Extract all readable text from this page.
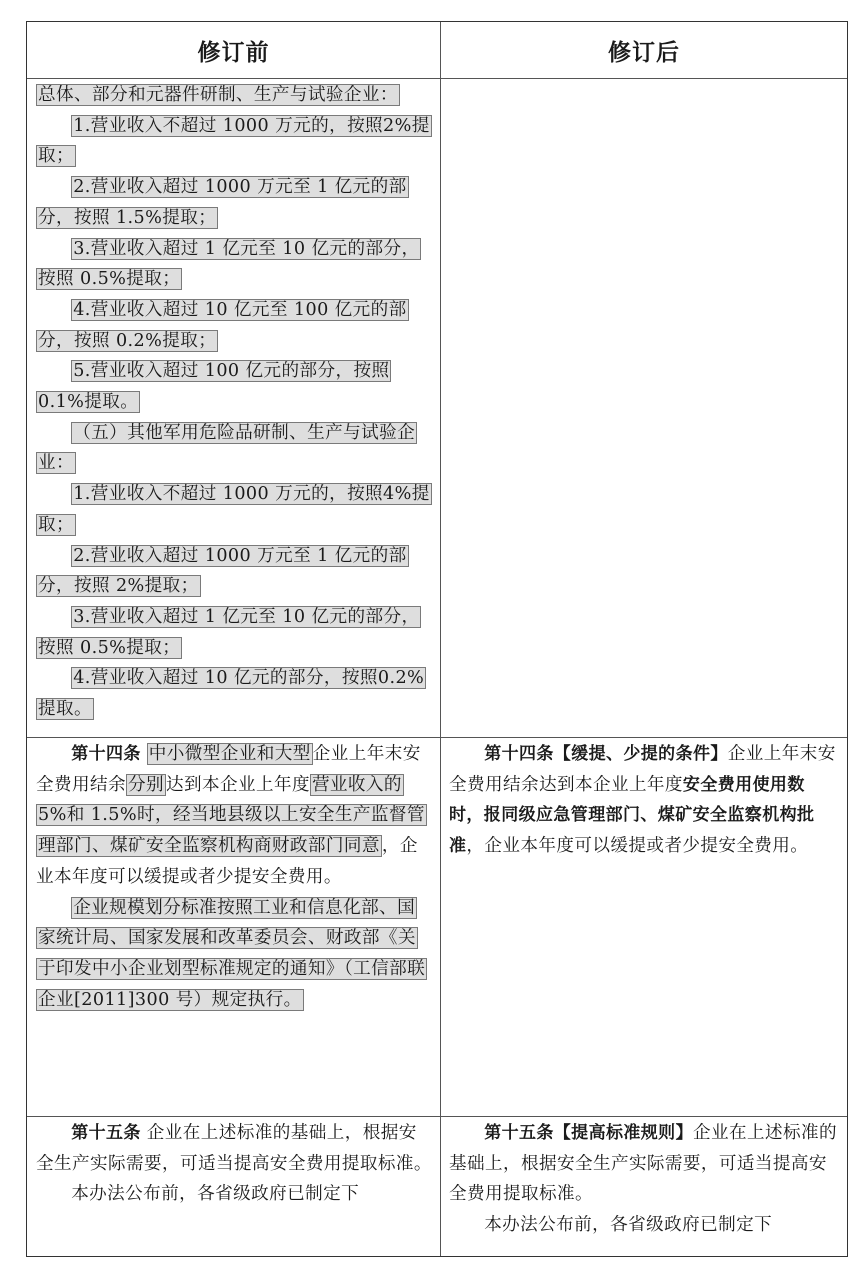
修订前	修订后

总体、部分和元器件研制、生产与试验企业：

1.营业收入不超过 1000 万元的，按照2%提取；

2.营业收入超过 1000 万元至 1 亿元的部分，按照 1.5%提取；

3.营业收入超过 1 亿元至 10 亿元的部分，按照 0.5%提取；

4.营业收入超过 10 亿元至 100 亿元的部分，按照 0.2%提取；

5.营业收入超过 100 亿元的部分，按照 0.1%提取。

（五）其他军用危险品研制、生产与试验企业：

1.营业收入不超过 1000 万元的，按照4%提取；

2.营业收入超过 1000 万元至 1 亿元的部分，按照 2%提取；

3.营业收入超过 1 亿元至 10 亿元的部分，按照 0.5%提取；

4.营业收入超过 10 亿元的部分，按照0.2%提取。

第十四条 中小微型企业和大型 企业上年末安全费用结余 分别 达到本企业上年度 营业收入的 5%和 1.5%时，经当地县级以上安全生产监督管理部门、煤矿安全监察机构商财政部门同意 ，企业本年度可以缓提或者少提安全费用。

企业规模划分标准按照工业和信息化部、国家统计局、国家发展和改革委员会、财政部《关于印发中小企业划型标准规定的通知》（工信部联企业[2011]300 号）规定执行。

第十四条【缓提、少提的条件】企业上年末安全费用结余达到本企业上年度安全费用使用数时，报同级应急管理部门、煤矿安全监察机构批准，企业本年度可以缓提或者少提安全费用。

第十五条 企业在上述标准的基础上，根据安全生产实际需要，可适当提高安全费用提取标准。

本办法公布前，各省级政府已制定下

第十五条【提高标准规则】企业在上述标准的基础上，根据安全生产实际需要，可适当提高安全费用提取标准。

本办法公布前，各省级政府已制定下
